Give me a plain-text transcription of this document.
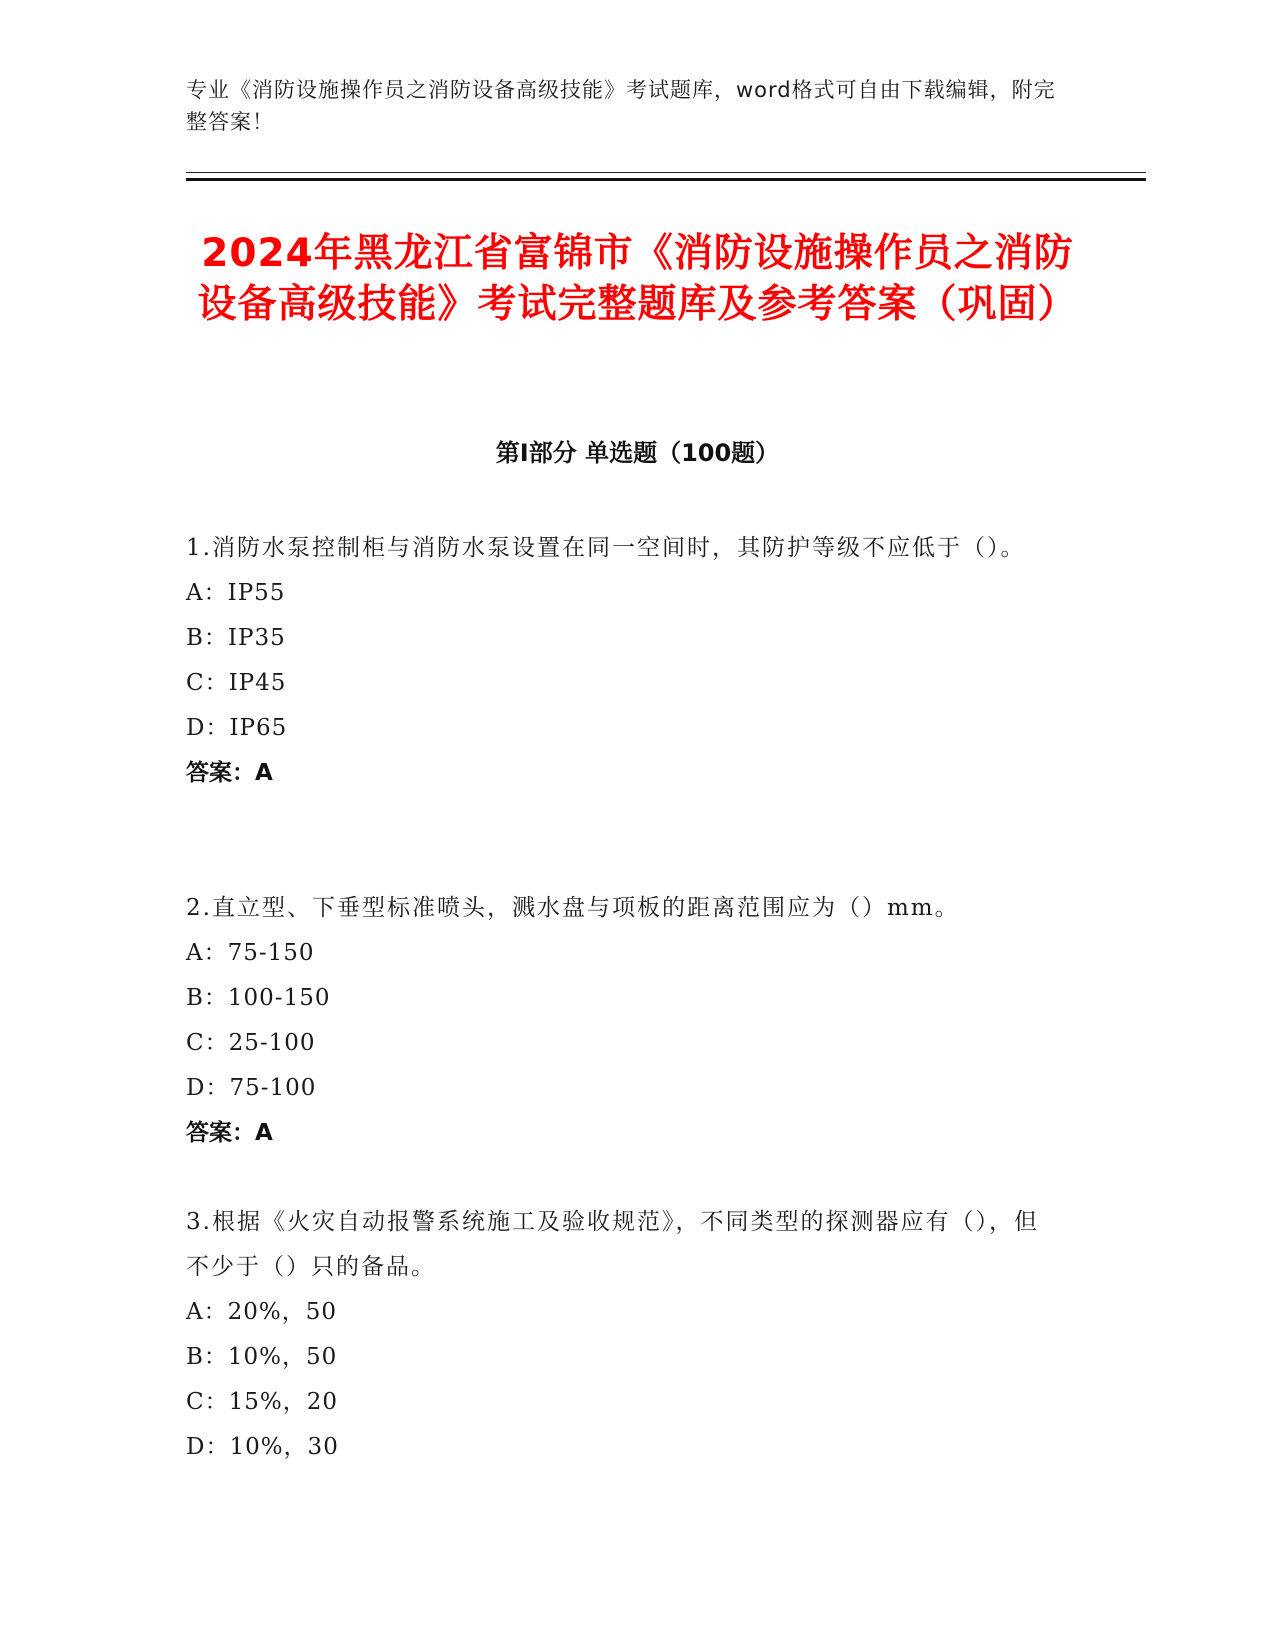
专业《消防设施操作员之消防设备高级技能》考试题库，word格式可自由下载编辑，附完整答案！
2024年黑龙江省富锦市《消防设施操作员之消防设备高级技能》考试完整题库及参考答案（巩固）
第I部分 单选题（100题）
1.消防水泵控制柜与消防水泵设置在同一空间时，其防护等级不应低于（）。
A：IP55
B：IP35
C：IP45
D：IP65
答案：A
2.直立型、下垂型标准喷头，溅水盘与项板的距离范围应为（）mm。
A：75-150
B：100-150
C：25-100
D：75-100
答案：A
3.根据《火灾自动报警系统施工及验收规范》，不同类型的探测器应有（），但不少于（）只的备品。
A：20%，50
B：10%，50
C：15%，20
D：10%，30
